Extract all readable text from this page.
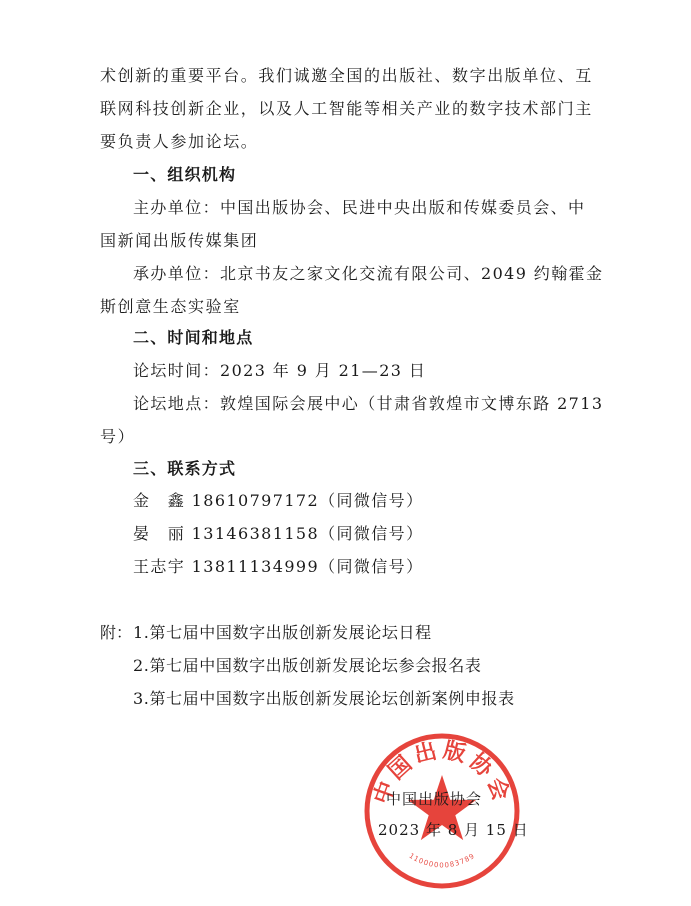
术创新的重要平台。我们诚邀全国的出版社、数字出版单位、互
联网科技创新企业，以及人工智能等相关产业的数字技术部门主
要负责人参加论坛。
一、组织机构
主办单位：中国出版协会、民进中央出版和传媒委员会、中
国新闻出版传媒集团
承办单位：北京书友之家文化交流有限公司、2049 约翰霍金
斯创意生态实验室
二、时间和地点
论坛时间：2023 年 9 月 21—23 日
论坛地点：敦煌国际会展中心（甘肃省敦煌市文博东路 2713
号）
三、联系方式
金　鑫 18610797172（同微信号）
晏　丽 13146381158（同微信号）
王志宇 13811134999（同微信号）
附： 1.第七届中国数字出版创新发展论坛日程
2.第七届中国数字出版创新发展论坛参会报名表
3.第七届中国数字出版创新发展论坛创新案例申报表
中国出版协会
1100000083789
中国出版协会
2023 年 8 月 15 日
